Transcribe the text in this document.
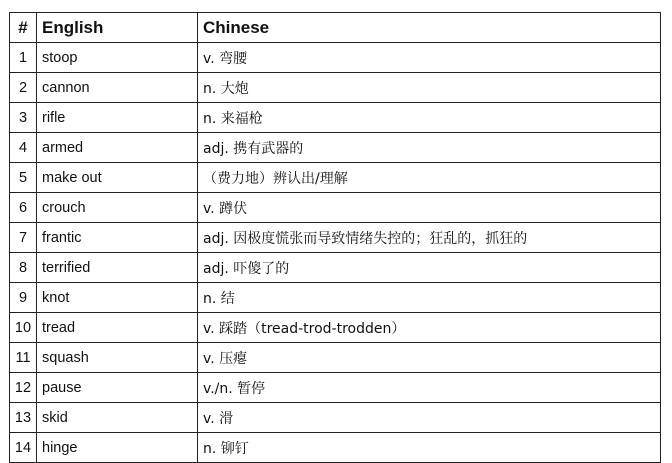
#	English	Chinese
1	stoop	v. 弯腰
2	cannon	n. 大炮
3	rifle	n. 来福枪
4	armed	adj. 携有武器的
5	make out	（费力地）辨认出/理解
6	crouch	v. 蹲伏
7	frantic	adj. 因极度慌张而导致情绪失控的；狂乱的，抓狂的
8	terrified	adj. 吓傻了的
9	knot	n. 结
10	tread	v. 踩踏（tread-trod-trodden）
11	squash	v. 压瘪
12	pause	v./n. 暂停
13	skid	v. 滑
14	hinge	n. 铆钉
